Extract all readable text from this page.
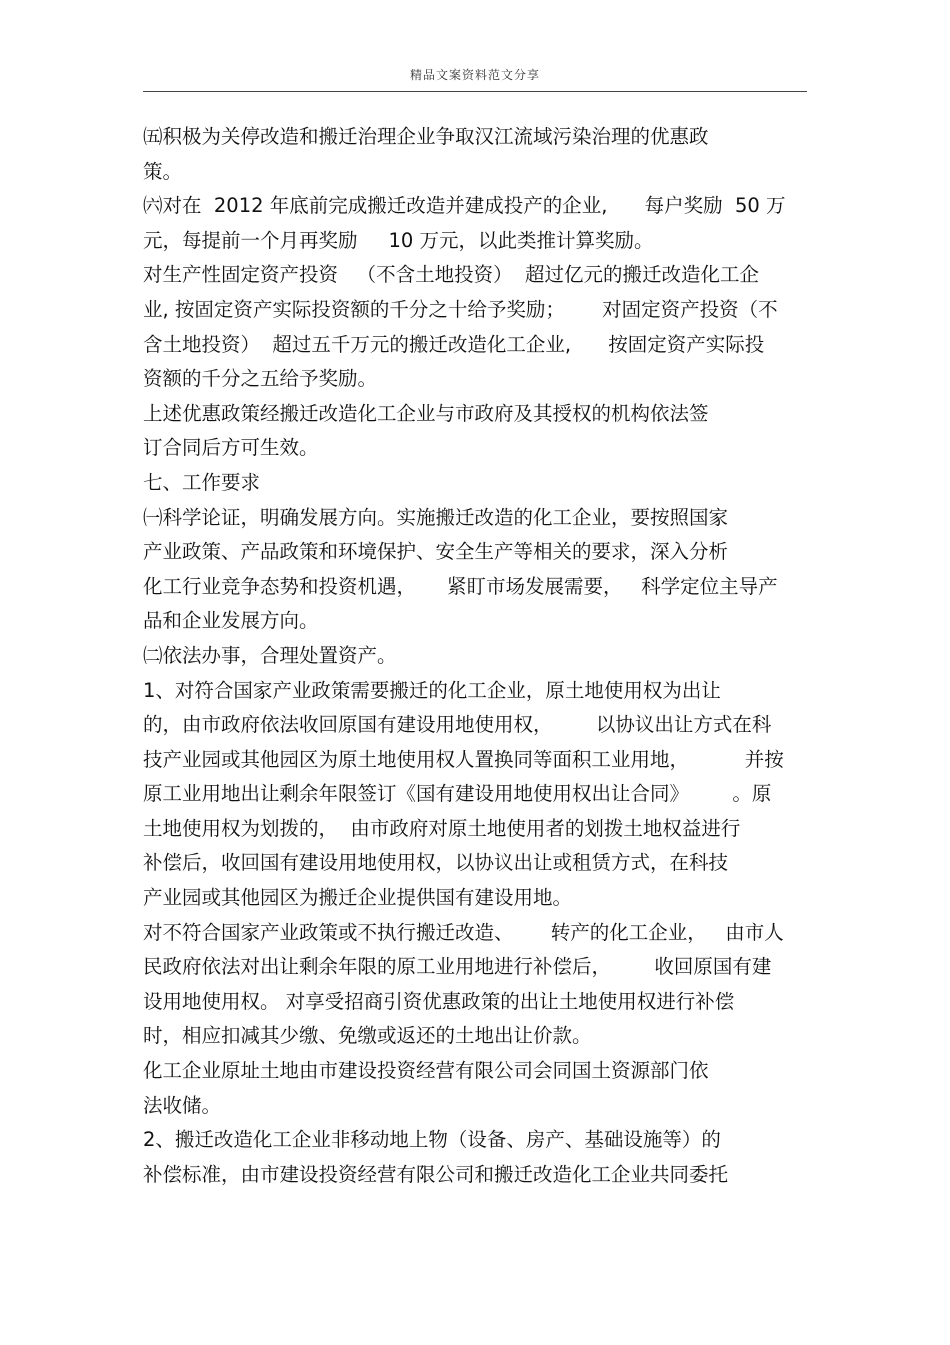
精品文案资料范文分享

㈤积极为关停改造和搬迁治理企业争取汉江流域污染治理的优惠政

策。

㈥对在  2012 年底前完成搬迁改造并建成投产的企业,      每户奖励  50 万

元，每提前一个月再奖励     10 万元，以此类推计算奖励。

对生产性固定资产投资   （不含土地投资）  超过亿元的搬迁改造化工企

业, 按固定资产实际投资额的千分之十给予奖励；      对固定资产投资（不

含土地投资）  超过五千万元的搬迁改造化工企业,      按固定资产实际投

资额的千分之五给予奖励。

上述优惠政策经搬迁改造化工企业与市政府及其授权的机构依法签

订合同后方可生效。

七、工作要求

㈠科学论证，明确发展方向。实施搬迁改造的化工企业，要按照国家

产业政策、产品政策和环境保护、安全生产等相关的要求，深入分析

化工行业竞争态势和投资机遇，     紧盯市场发展需要，   科学定位主导产

品和企业发展方向。

㈡依法办事，合理处置资产。

1、对符合国家产业政策需要搬迁的化工企业，原土地使用权为出让

的，由市政府依法收回原国有建设用地使用权，       以协议出让方式在科

技产业园或其他园区为原土地使用权人置换同等面积工业用地，         并按

原工业用地出让剩余年限签订《国有建设用地使用权出让合同》       。原

土地使用权为划拨的，  由市政府对原土地使用者的划拨土地权益进行

补偿后，收回国有建设用地使用权，以协议出让或租赁方式，在科技

产业园或其他园区为搬迁企业提供国有建设用地。

对不符合国家产业政策或不执行搬迁改造、      转产的化工企业，   由市人

民政府依法对出让剩余年限的原工业用地进行补偿后，       收回原国有建

设用地使用权。 对享受招商引资优惠政策的出让土地使用权进行补偿

时，相应扣减其少缴、免缴或返还的土地出让价款。

化工企业原址土地由市建设投资经营有限公司会同国土资源部门依

法收储。

2、搬迁改造化工企业非移动地上物（设备、房产、基础设施等）的

补偿标准，由市建设投资经营有限公司和搬迁改造化工企业共同委托
